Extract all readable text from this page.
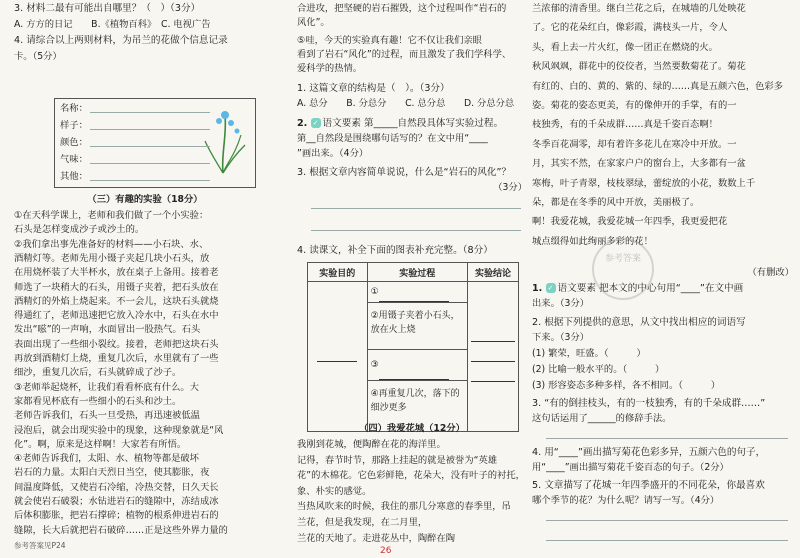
3. 材料二最有可能出自哪里？（　）（3分）
A. 方方的日记　　B.《植物百科》　C. 电视广告
4. 请综合以上两则材料，为吊兰的花做个信息记录
卡。（5分）
名称：
样子：
颜色：
气味：
其他：
（三）有趣的实验（18分）
①在天科学课上，老师和我们做了一个小实验：
石头是怎样变成沙子或沙土的。
②我们拿出事先准备好的材料——小石块、水、
酒精灯等。老师先用小镊子夹起几块小石头，放
在用烧杯装了大半杯水，放在桌子上备用。接着老
师选了一块稍大的石头，用镊子夹着，把石头放在
酒精灯的外焰上烧起来。不一会儿，这块石头就烧
得通红了，老师迅速把它放入冷水中，石头在水中
发出“嗞”的一声响，水面冒出一股热气。石头
表面出现了一些细小裂纹。接着，老师把这块石头
再放到酒精灯上烧，重复几次后，水里就有了一些
细沙，重复几次后，石头就碎成了沙子。
③老师举起烧杯，让我们看看杯底有什么。大
家都看见杯底有一些细小的石头和沙土。
老师告诉我们，石头一旦受热，再迅速被低温
浸泡后，就会出现实验中的现象，这种现象就是“风
化”。啊，原来是这样啊！大家若有所悟。
④老师告诉我们，太阳、水、植物等都是破坏
岩石的力量。太阳白天烈日当空，使其膨胀，夜
间温度降低，又使岩石冷缩，冷热交替，日久天长
就会使岩石破裂；水钻进岩石的缝隙中，冻结成冰
后体积膨胀，把岩石撑碎；植物的根系伸进岩石的
缝隙，长大后就把岩石破碎……正是这些外界力量的
参考答案见P24
合进攻，把坚硬的岩石摧毁，这个过程叫作“岩石的
风化”。
⑤哇，今天的实验真有趣！它不仅让我们亲眼
看到了岩石“风化”的过程，而且激发了我们学科学、
爱科学的热情。
1. 这篇文章的结构是（　）。（3分）
A. 总分　　B. 分总分　　C. 总分总　　D. 分总分总
2. ✓ 语文要素 第_____自然段具体写实验过程。
第__自然段是围绕哪句话写的？在文中用“____
”画出来。（4分）
3. 根据文章内容简单说说，什么是“岩石的风化”？
（3分）
4. 读课文，补全下面的图表补充完整。（8分）
实验目的	实验过程	实验结论

	①
②用镊子夹着小石头，放在火上烧
③
④再重复几次，落下的细沙更多	

（四）我爱花城（12分）
我刚到花城，便陶醉在花的海洋里。
记得，春节时节，那路上挂起的就是被誉为“英雄
花”的木棉花。它色彩鲜艳，花朵大，没有叶子的衬托，
象、朴实的感觉。
当热风吹来的时候，我住的那几分寒意的春季里，吊
兰花，但是我发现，在二月里，
兰花的天地了。走进花丛中，陶醉在陶
兰浓郁的清香里。继白兰花之后，在城墙的几处映花
了。它的花朵红白，像彩霞，满枝头一片，令人
头，看上去一片火红，像一团正在燃烧的火。
秋风飒飒，群花中的佼佼者，当然要数菊花了。菊花
有红的、白的、黄的、紫的、绿的……真是五颜六色，色彩多
姿。菊花的姿态更美，有的像伸开的手掌，有的一
枝独秀，有的千朵成群……真是千姿百态啊！
冬季百花凋零，却有着许多花儿在寒冷中开放。一
月，其实不然，在家家户户的窗台上，大多都有一盆
寒梅，叶子青翠，枝枝翠绿，蕾绽放的小花，数数上千
朵，都是在冬季的风中开放，美丽极了。
啊！我爱花城，我爱花城一年四季，我更爱把花
城点缀得如此绚丽多彩的花！
（有删改）
1. ✓ 语文要素 把本文的中心句用“____”在文中画
出来。（3分）
2. 根据下列提供的意思，从文中找出相应的词语写
下来。（3分）
(1) 繁荣，旺盛。（　　　）
(2) 比喻一般水平的。（　　　）
(3) 形容姿态多种多样，各不相同。（　　　）
3. “有的倒挂枝头，有的一枝独秀，有的千朵成群……”
这句话运用了______的修辞手法。
4. 用“____”画出描写菊花色彩多异，五颜六色的句子，
用“____”画出描写菊花千姿百态的句子。（2分）
5. 文章描写了花城一年四季盛开的不同花朵，你最喜欢
哪个季节的花？为什么呢？请写一写。（4分）
参考答案
26
